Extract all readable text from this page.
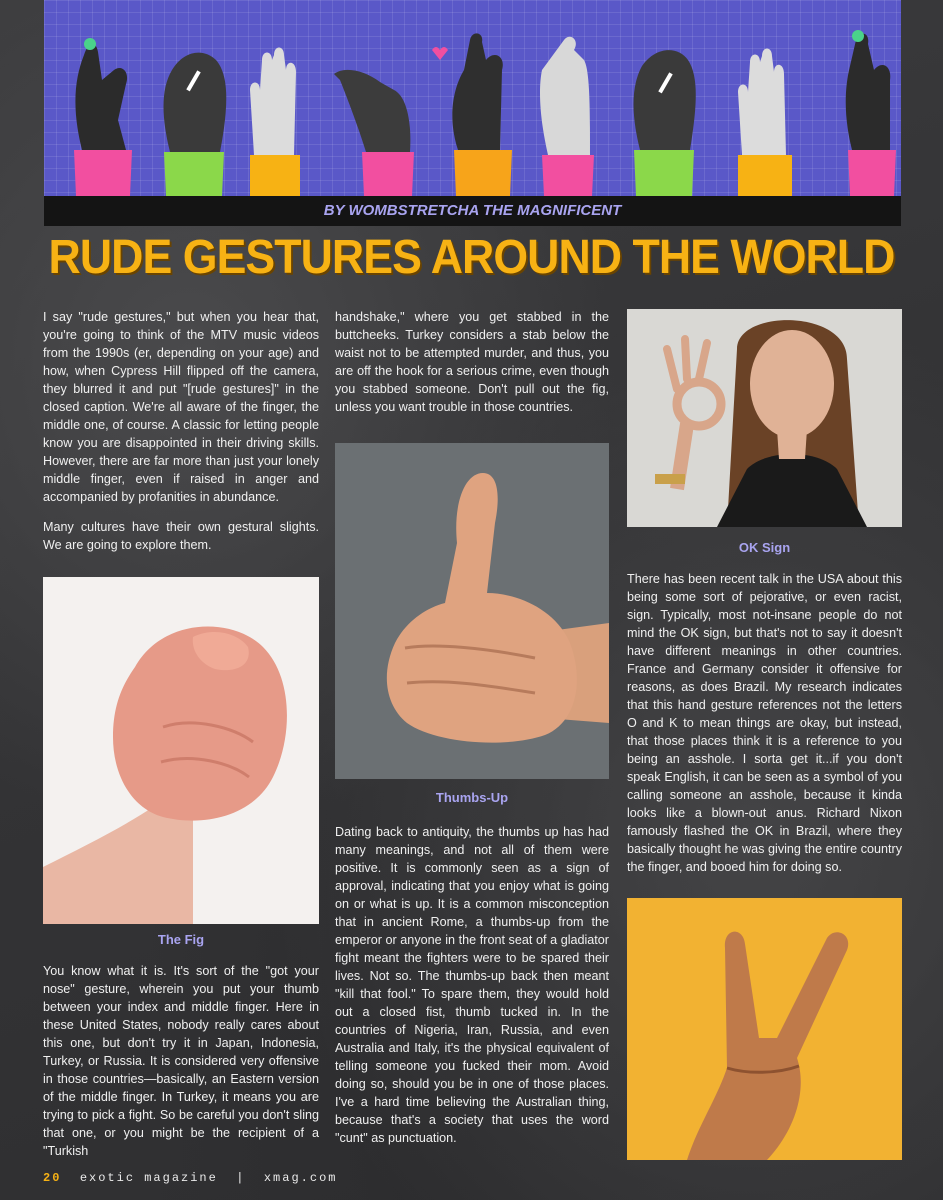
BY WOMBSTRETCHA THE MAGNIFICENT
RUDE GESTURES AROUND THE WORLD

I say "rude gestures," but when you hear that, you're going to think of the MTV music videos from the 1990s (er, depending on your age) and how, when Cypress Hill flipped off the camera, they blurred it and put "[rude gestures]" in the closed caption. We're all aware of the finger, the middle one, of course. A classic for letting people know you are disappointed in their driving skills. However, there are far more than just your lonely middle finger, even if raised in anger and accompanied by profanities in abundance.

Many cultures have their own gestural slights. We are going to explore them.

The Fig

You know what it is. It's sort of the "got your nose" gesture, wherein you put your thumb between your index and middle finger. Here in these United States, nobody really cares about this one, but don't try it in Japan, Indonesia, Turkey, or Russia. It is considered very offensive in those countries—basically, an Eastern version of the middle finger. In Turkey, it means you are trying to pick a fight. So be careful you don't sling that one, or you might be the recipient of a "Turkish

handshake," where you get stabbed in the buttcheeks. Turkey considers a stab below the waist not to be attempted murder, and thus, you are off the hook for a serious crime, even though you stabbed someone. Don't pull out the fig, unless you want trouble in those countries.

Thumbs-Up

Dating back to antiquity, the thumbs up has had many meanings, and not all of them were positive. It is commonly seen as a sign of approval, indicating that you enjoy what is going on or what is up. It is a common misconception that in ancient Rome, a thumbs-up from the emperor or anyone in the front seat of a gladiator fight meant the fighters were to be spared their lives. Not so. The thumbs-up back then meant "kill that fool." To spare them, they would hold out a closed fist, thumb tucked in. In the countries of Nigeria, Iran, Russia, and even Australia and Italy, it's the physical equivalent of telling someone you fucked their mom. Avoid doing so, should you be in one of those places. I've a hard time believing the Australian thing, because that's a society that uses the word "cunt" as punctuation.

OK Sign

There has been recent talk in the USA about this being some sort of pejorative, or even racist, sign. Typically, most not-insane people do not mind the OK sign, but that's not to say it doesn't have different meanings in other countries. France and Germany consider it offensive for reasons, as does Brazil. My research indicates that this hand gesture references not the letters O and K to mean things are okay, but instead, that those places think it is a reference to you being an asshole. I sorta get it...if you don't speak English, it can be seen as a symbol of you calling someone an asshole, because it kinda looks like a blown-out anus. Richard Nixon famously flashed the OK in Brazil, where they basically thought he was giving the entire country the finger, and booed him for doing so.

20 exotic magazine | xmag.com
